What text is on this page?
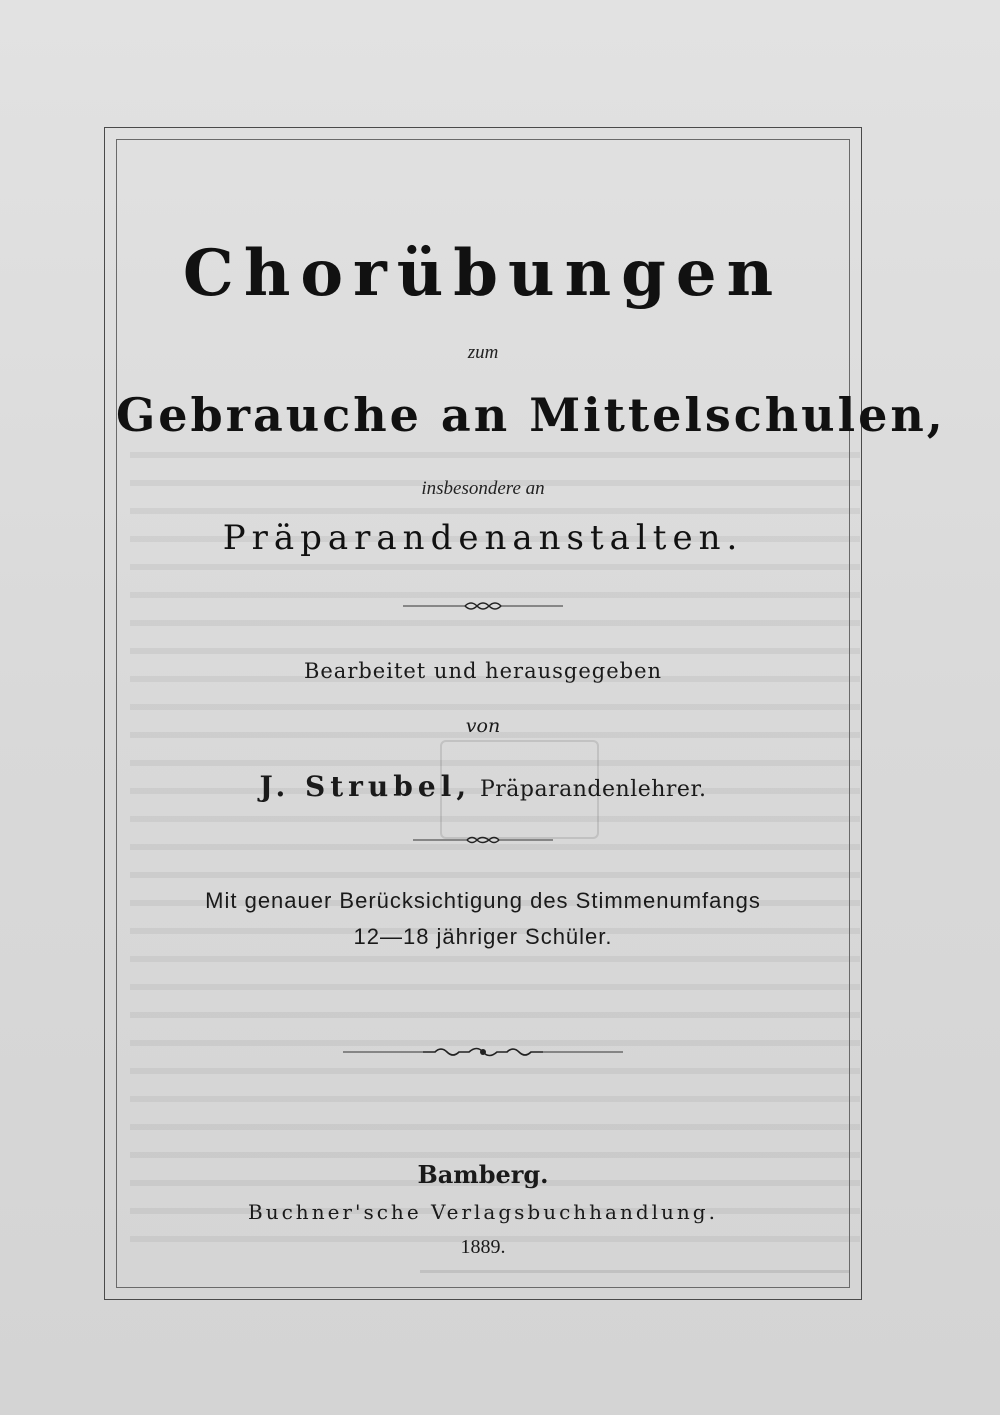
Chorübungen
zum
Gebrauche an Mittelschulen,
insbesondere an
Präparandenanstalten.
Bearbeitet und herausgegeben
von
J. Strubel, Präparandenlehrer.
Mit genauer Berücksichtigung des Stimmenumfangs
12—18 jähriger Schüler.
Bamberg.
Buchner'sche Verlagsbuchhandlung.
1889.
